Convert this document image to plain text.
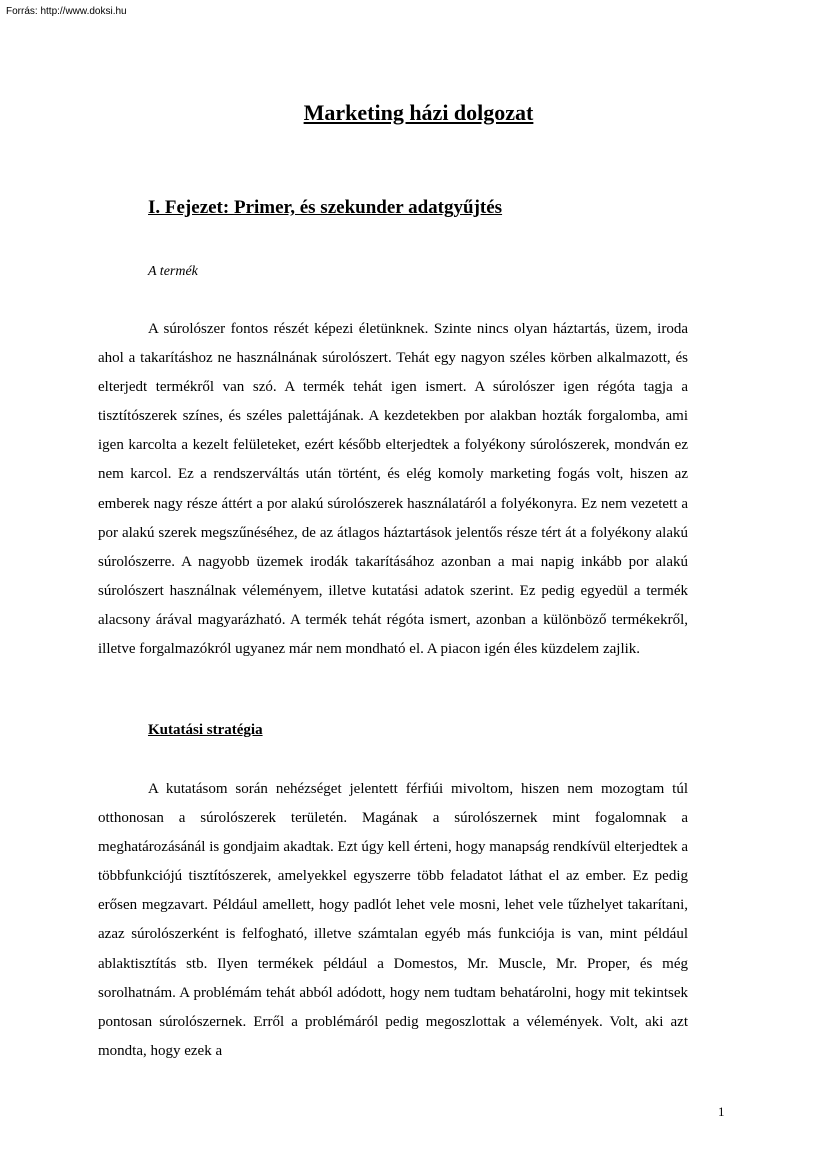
Forrás: http://www.doksi.hu
Marketing házi dolgozat
I. Fejezet: Primer, és szekunder adatgyűjtés
A termék

A súrolószer fontos részét képezi életünknek. Szinte nincs olyan háztartás, üzem, iroda ahol a takarításhoz ne használnának súrolószert. Tehát egy nagyon széles körben alkalmazott, és elterjedt termékről van szó. A termék tehát igen ismert. A súrolószer igen régóta tagja a tisztítószerek színes, és széles palettájának. A kezdetekben por alakban hozták forgalomba, ami igen karcolta a kezelt felületeket, ezért később elterjedtek a folyékony súrolószerek, mondván ez nem karcol. Ez a rendszerváltás után történt, és elég komoly marketing fogás volt, hiszen az emberek nagy része áttért a por alakú súrolószerek használatáról a folyékonyra. Ez nem vezetett a por alakú szerek megszűnéséhez, de az átlagos háztartások jelentős része tért át a folyékony alakú súrolószerre. A nagyobb üzemek irodák takarításához azonban a mai napig inkább por alakú súrolószert használnak véleményem, illetve kutatási adatok szerint. Ez pedig egyedül a termék alacsony árával magyarázható. A termék tehát régóta ismert, azonban a különböző termékekről, illetve forgalmazókról ugyanez már nem mondható el. A piacon igén éles küzdelem zajlik.

Kutatási stratégia

A kutatásom során nehézséget jelentett férfiúi mivoltom, hiszen nem mozogtam túl otthonosan a súrolószerek területén. Magának a súrolószernek mint fogalomnak a meghatározásánál is gondjaim akadtak. Ezt úgy kell érteni, hogy manapság rendkívül elterjedtek a többfunkciójú tisztítószerek, amelyekkel egyszerre több feladatot láthat el az ember. Ez pedig erősen megzavart. Például amellett, hogy padlót lehet vele mosni, lehet vele tűzhelyet takarítani, azaz súrolószerként is felfogható, illetve számtalan egyéb más funkciója is van, mint például ablaktisztítás stb. Ilyen termékek például a Domestos, Mr. Muscle, Mr. Proper, és még sorolhatnám. A problémám tehát abból adódott, hogy nem tudtam behatárolni, hogy mit tekintsek pontosan súrolószernek. Erről a problémáról pedig megoszlottak a vélemények. Volt, aki azt mondta, hogy ezek a

1
